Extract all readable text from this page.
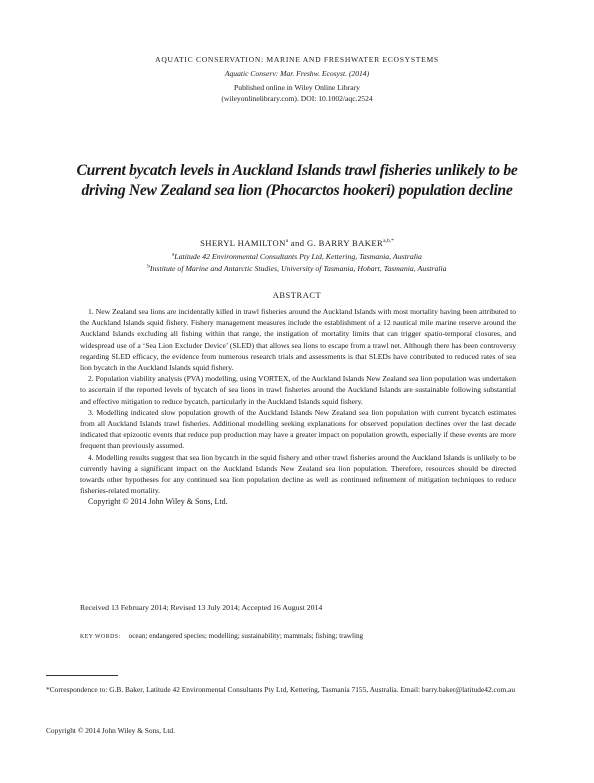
AQUATIC CONSERVATION: MARINE AND FRESHWATER ECOSYSTEMS
Aquatic Conserv: Mar. Freshw. Ecosyst. (2014)
Published online in Wiley Online Library
(wileyonlinelibrary.com). DOI: 10.1002/aqc.2524
Current bycatch levels in Auckland Islands trawl fisheries unlikely to be
driving New Zealand sea lion (Phocarctos hookeri) population decline
SHERYL HAMILTON$^a$ and G. BARRY $BAKER^{a,b,*}$
$^a$Latitude 42 Environmental Consultants Pty Ltd, Kettering, Tasmania, Australia
$^b$Institute of Marine and Antarctic Studies, University of Tasmania, Hobart, Tasmania, Australia
ABSTRACT

1. New Zealand sea lions are incidentally killed in trawl fisheries around the Auckland Islands with most mortality having been attributed to the Auckland Islands squid fishery. Fishery management measures include the establishment of a 12 nautical mile marine reserve around the Auckland Islands excluding all fishing within that range, the instigation of mortality limits that can trigger spatio-temporal closures, and widespread use of a ‘Sea Lion Excluder Device’ (SLED) that allows sea lions to escape from a trawl net. Although there has been controversy regarding SLED efficacy, the evidence from numerous research trials and assessments is that SLEDs have contributed to reduced rates of sea lion bycatch in the Auckland Islands squid fishery.

2. Population viability analysis (PVA) modelling, using VORTEX, of the Auckland Islands New Zealand sea lion population was undertaken to ascertain if the reported levels of bycatch of sea lions in trawl fisheries around the Auckland Islands are sustainable following substantial and effective mitigation to reduce bycatch, particularly in the Auckland Islands squid fishery.

3. Modelling indicated slow population growth of the Auckland Islands New Zealand sea lion population with current bycatch estimates from all Auckland Islands trawl fisheries. Additional modelling seeking explanations for observed population declines over the last decade indicated that epizootic events that reduce pup production may have a greater impact on population growth, especially if these events are more frequent than previously assumed.

4. Modelling results suggest that sea lion bycatch in the squid fishery and other trawl fisheries around the Auckland Islands is unlikely to be currently having a significant impact on the Auckland Islands New Zealand sea lion population. Therefore, resources should be directed towards other hypotheses for any continued sea lion population decline as well as continued refinement of mitigation techniques to reduce fisheries-related mortality.

Copyright © 2014 John Wiley & Sons, Ltd.

Received 13 February 2014; Revised 13 July 2014; Accepted 16 August 2014
KEY WORDS: ocean; endangered species; modelling; sustainability; mammals; fishing; trawling
*Correspondence to: G.B. Baker, Latitude 42 Environmental Consultants Pty Ltd, Kettering, Tasmania 7155, Australia. Email: barry.baker@latitude42.com.au
Copyright © 2014 John Wiley & Sons, Ltd.
